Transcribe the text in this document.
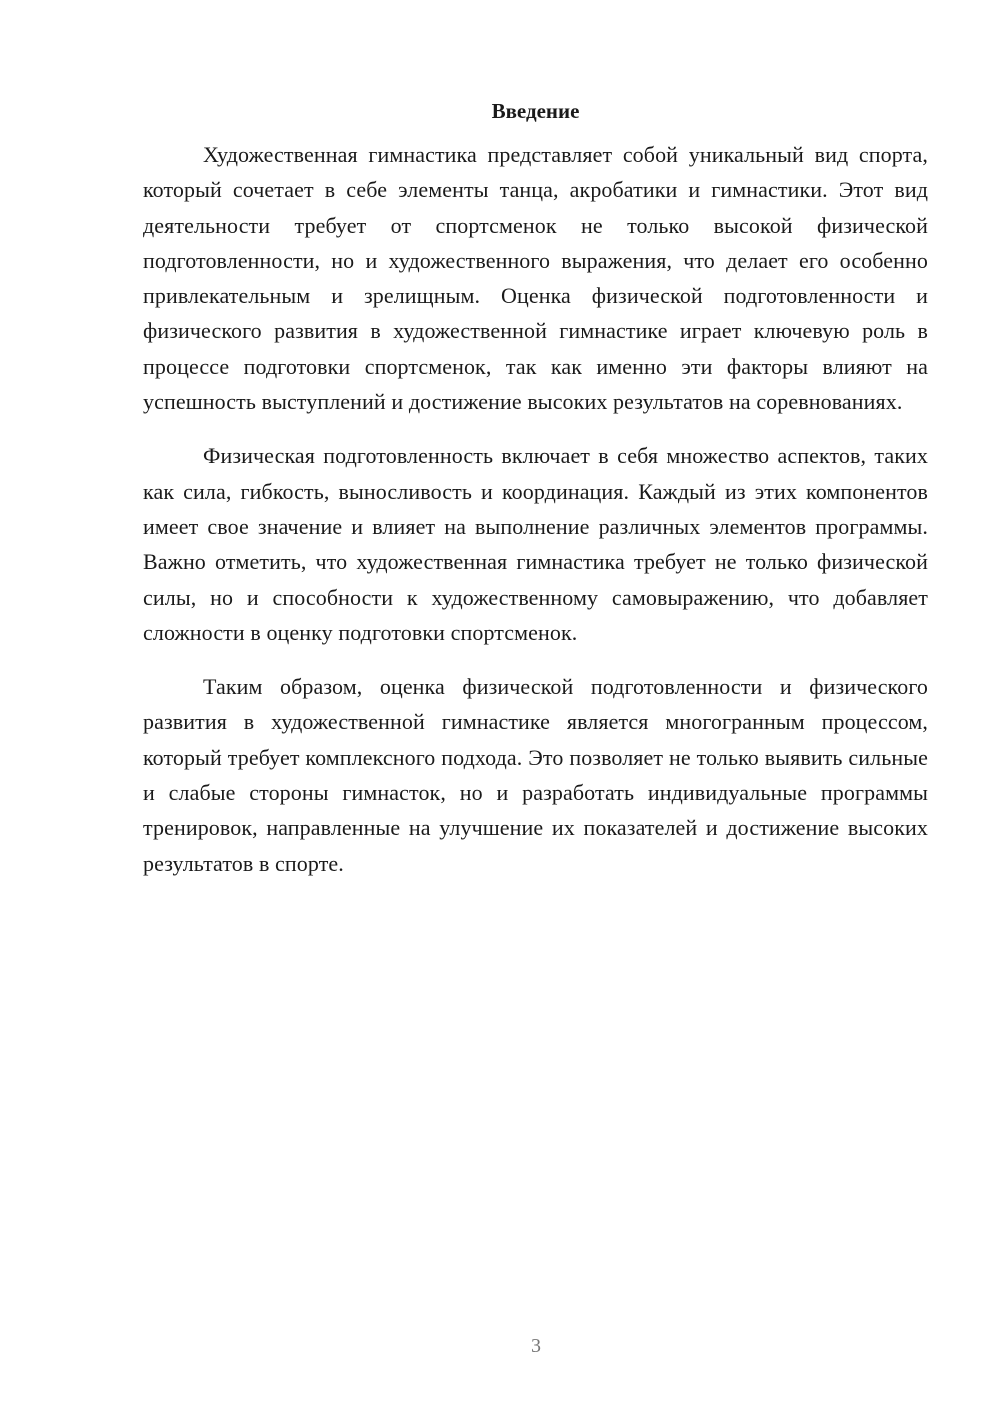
Введение

Художественная гимнастика представляет собой уникальный вид спорта, который сочетает в себе элементы танца, акробатики и гимнастики. Этот вид деятельности требует от спортсменок не только высокой физической подготовленности, но и художественного выражения, что делает его особенно привлекательным и зрелищным. Оценка физической подготовленности и физического развития в художественной гимнастике играет ключевую роль в процессе подготовки спортсменок, так как именно эти факторы влияют на успешность выступлений и достижение высоких результатов на соревнованиях.

Физическая подготовленность включает в себя множество аспектов, таких как сила, гибкость, выносливость и координация. Каждый из этих компонентов имеет свое значение и влияет на выполнение различных элементов программы. Важно отметить, что художественная гимнастика требует не только физической силы, но и способности к художественному самовыражению, что добавляет сложности в оценку подготовки спортсменок.

Таким образом, оценка физической подготовленности и физического развития в художественной гимнастике является многогранным процессом, который требует комплексного подхода. Это позволяет не только выявить сильные и слабые стороны гимнасток, но и разработать индивидуальные программы тренировок, направленные на улучшение их показателей и достижение высоких результатов в спорте.

3
